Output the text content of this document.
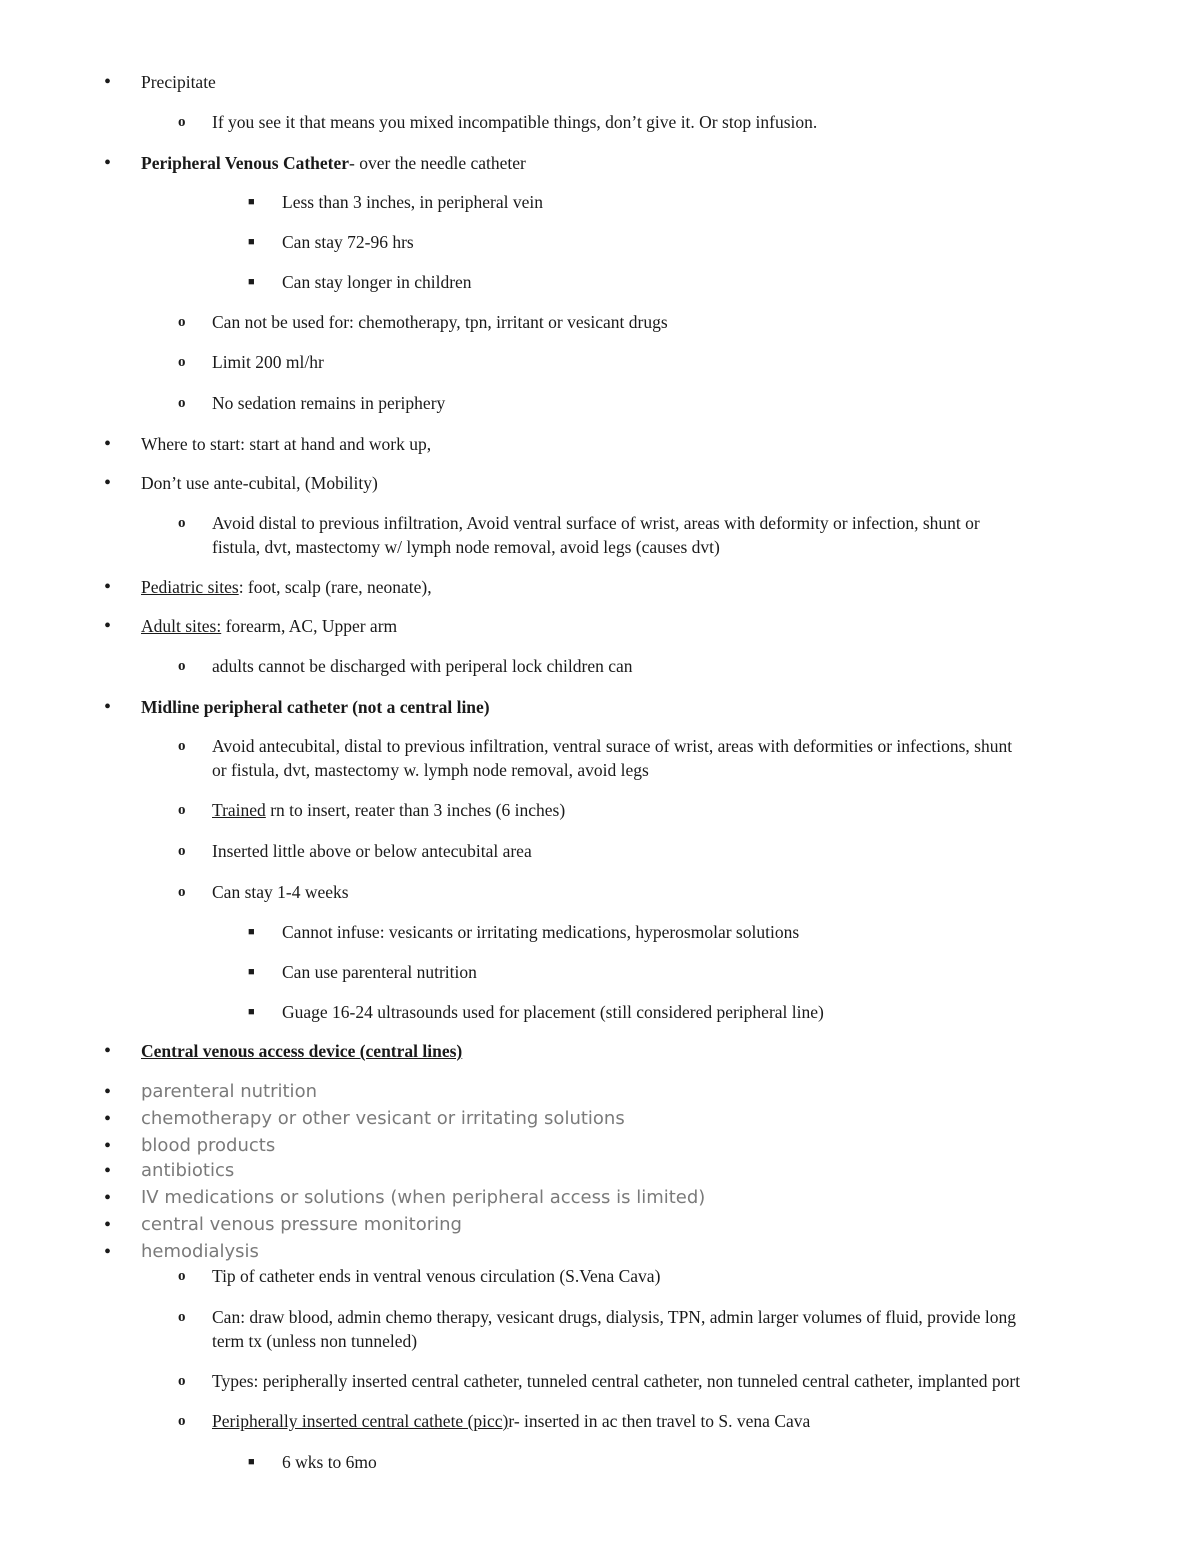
• Precipitate
o If you see it that means you mixed incompatible things, don’t give it. Or stop infusion.
• Peripheral Venous Catheter- over the needle catheter
■ Less than 3 inches, in peripheral vein
■ Can stay 72-96 hrs
■ Can stay longer in children
o Can not be used for: chemotherapy, tpn, irritant or vesicant drugs
o Limit 200 ml/hr
o No sedation remains in periphery
• Where to start: start at hand and work up,
• Don’t use ante-cubital, (Mobility)
o Avoid distal to previous infiltration, Avoid ventral surface of wrist, areas with deformity or infection, shunt or
fistula, dvt, mastectomy w/ lymph node removal, avoid legs (causes dvt)
• Pediatric sites: foot, scalp (rare, neonate),
• Adult sites: forearm, AC, Upper arm
o adults cannot be discharged with periperal lock children can
• Midline peripheral catheter (not a central line)
o Avoid antecubital, distal to previous infiltration, ventral surace of wrist, areas with deformities or infections, shunt
or fistula, dvt, mastectomy w. lymph node removal, avoid legs
o Trained rn to insert, reater than 3 inches (6 inches)
o Inserted little above or below antecubital area
o Can stay 1-4 weeks
■ Cannot infuse: vesicants or irritating medications, hyperosmolar solutions
■ Can use parenteral nutrition
■ Guage 16-24 ultrasounds used for placement (still considered peripheral line)
• Central venous access device (central lines)
• parenteral nutrition
• chemotherapy or other vesicant or irritating solutions
• blood products
• antibiotics
• IV medications or solutions (when peripheral access is limited)
• central venous pressure monitoring
• hemodialysis
o Tip of catheter ends in ventral venous circulation (S.Vena Cava)
o Can: draw blood, admin chemo therapy, vesicant drugs, dialysis, TPN, admin larger volumes of fluid, provide long
term tx (unless non tunneled)
o Types: peripherally inserted central catheter, tunneled central catheter, non tunneled central catheter, implanted port
o Peripherally inserted central cathete (picc)r- inserted in ac then travel to S. vena Cava
■ 6 wks to 6mo
